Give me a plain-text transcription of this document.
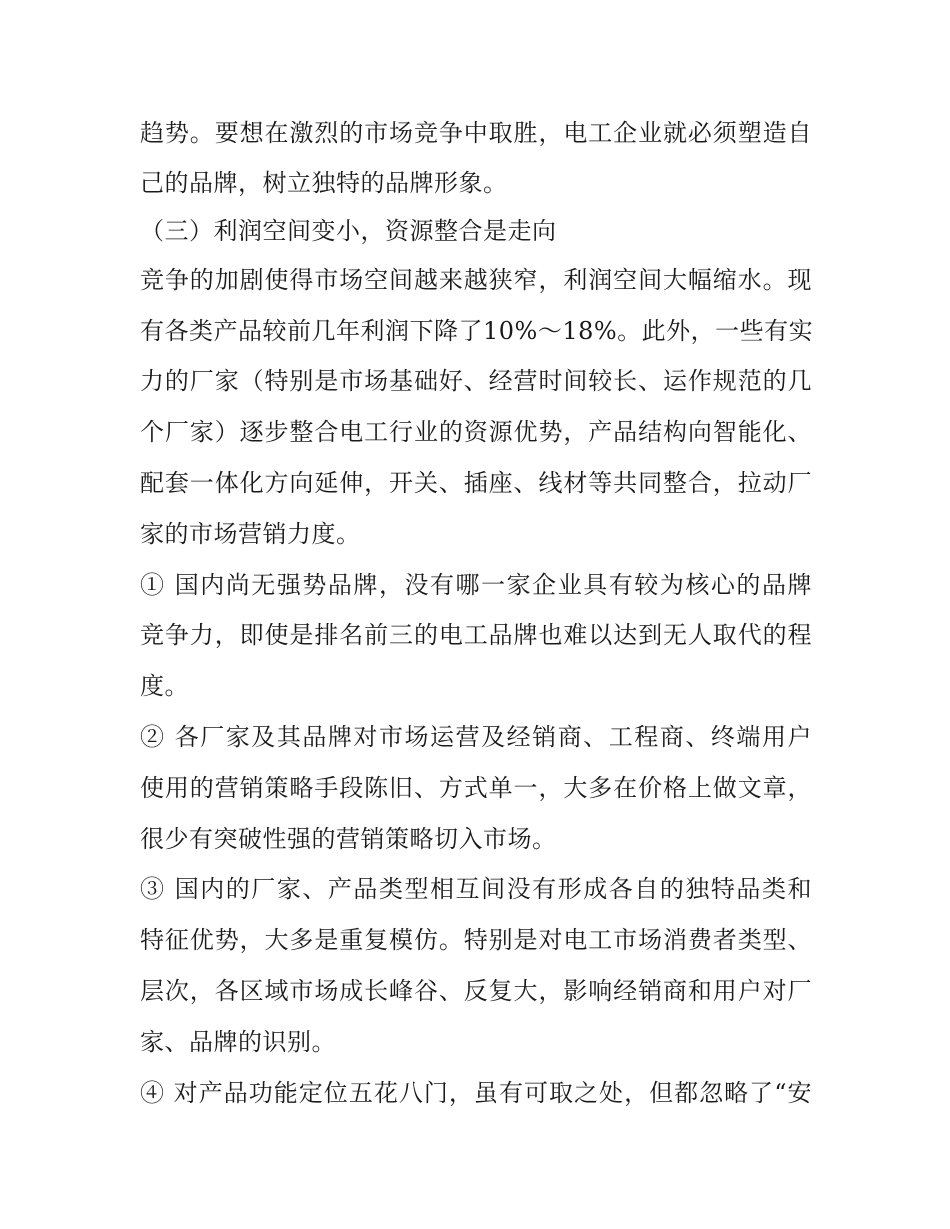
趋势。要想在激烈的市场竞争中取胜，电工企业就必须塑造自
己的品牌，树立独特的品牌形象。
（三）利润空间变小，资源整合是走向
竞争的加剧使得市场空间越来越狭窄，利润空间大幅缩水。现
有各类产品较前几年利润下降了10%～18%。此外，一些有实
力的厂家（特别是市场基础好、经营时间较长、运作规范的几
个厂家）逐步整合电工行业的资源优势，产品结构向智能化、
配套一体化方向延伸，开关、插座、线材等共同整合，拉动厂
家的市场营销力度。
① 国内尚无强势品牌，没有哪一家企业具有较为核心的品牌
竞争力，即使是排名前三的电工品牌也难以达到无人取代的程
度。
② 各厂家及其品牌对市场运营及经销商、工程商、终端用户
使用的营销策略手段陈旧、方式单一，大多在价格上做文章，
很少有突破性强的营销策略切入市场。
③ 国内的厂家、产品类型相互间没有形成各自的独特品类和
特征优势，大多是重复模仿。特别是对电工市场消费者类型、
层次，各区域市场成长峰谷、反复大，影响经销商和用户对厂
家、品牌的识别。
④ 对产品功能定位五花八门，虽有可取之处，但都忽略了“安
